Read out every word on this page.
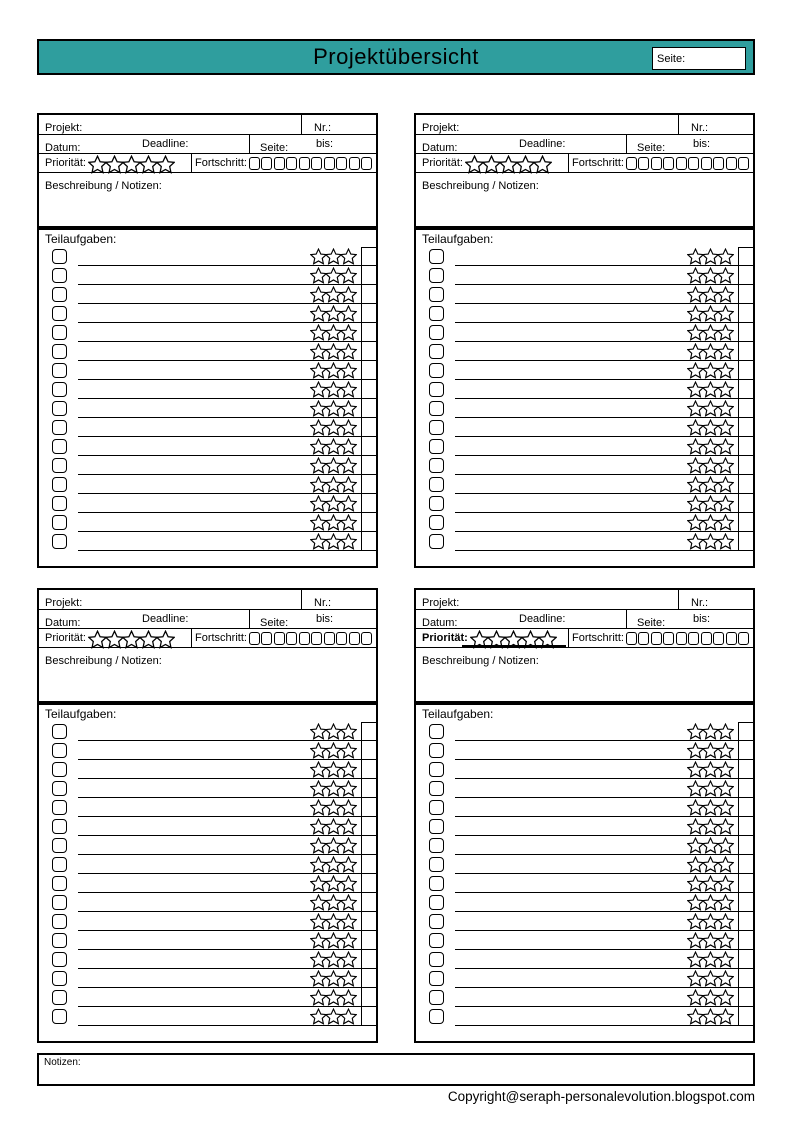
Projektübersicht	Seite:
Projekt:	Nr.:
Datum:	Deadline:	Seite:	bis:
Priorität:	Fortschritt:
Beschreibung / Notizen:
Teilaufgaben:
Projekt:	Nr.:
Datum:	Deadline:	Seite:	bis:
Priorität:	Fortschritt:
Beschreibung / Notizen:
Teilaufgaben:
Projekt:	Nr.:
Datum:	Deadline:	Seite:	bis:
Priorität:	Fortschritt:
Beschreibung / Notizen:
Teilaufgaben:
Projekt:	Nr.:
Datum:	Deadline:	Seite:	bis:
Priorität:	Fortschritt:
Beschreibung / Notizen:
Teilaufgaben:
Notizen:
Copyright@seraph-personalevolution.blogspot.com
